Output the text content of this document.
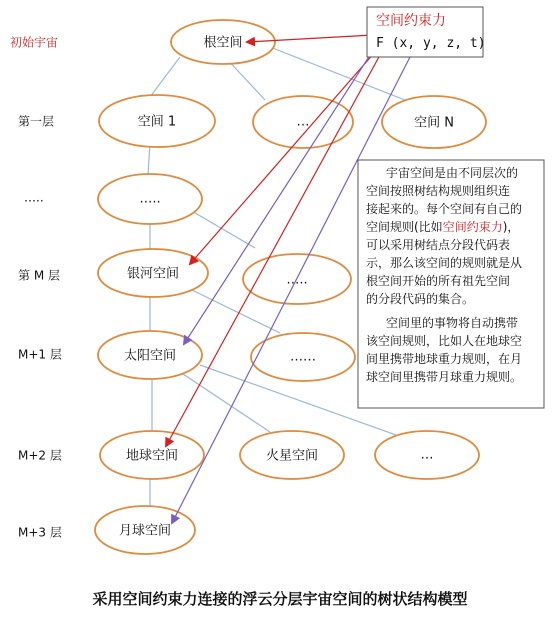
根空间
空间 1	…	空间 N
…..
银河空间	…..
太阳空间	……
地球空间	火星空间	…
月球空间
初始宇宙
第一层
…..
第 M 层
M+1 层
M+2 层
M+3 层
空间约束力
F (x, y, z, t)
宇宙空间是由不同层次的
空间按照树结构规则组织连
接起来的。每个空间有自己的
空间规则(比如空间约束力)，
可以采用树结点分段代码表
示，那么该空间的规则就是从
根空间开始的所有祖先空间
的分段代码的集合。
空间里的事物将自动携带
该空间规则，比如人在地球空
间里携带地球重力规则，在月
球空间里携带月球重力规则。
采用空间约束力连接的浮云分层宇宙空间的树状结构模型
